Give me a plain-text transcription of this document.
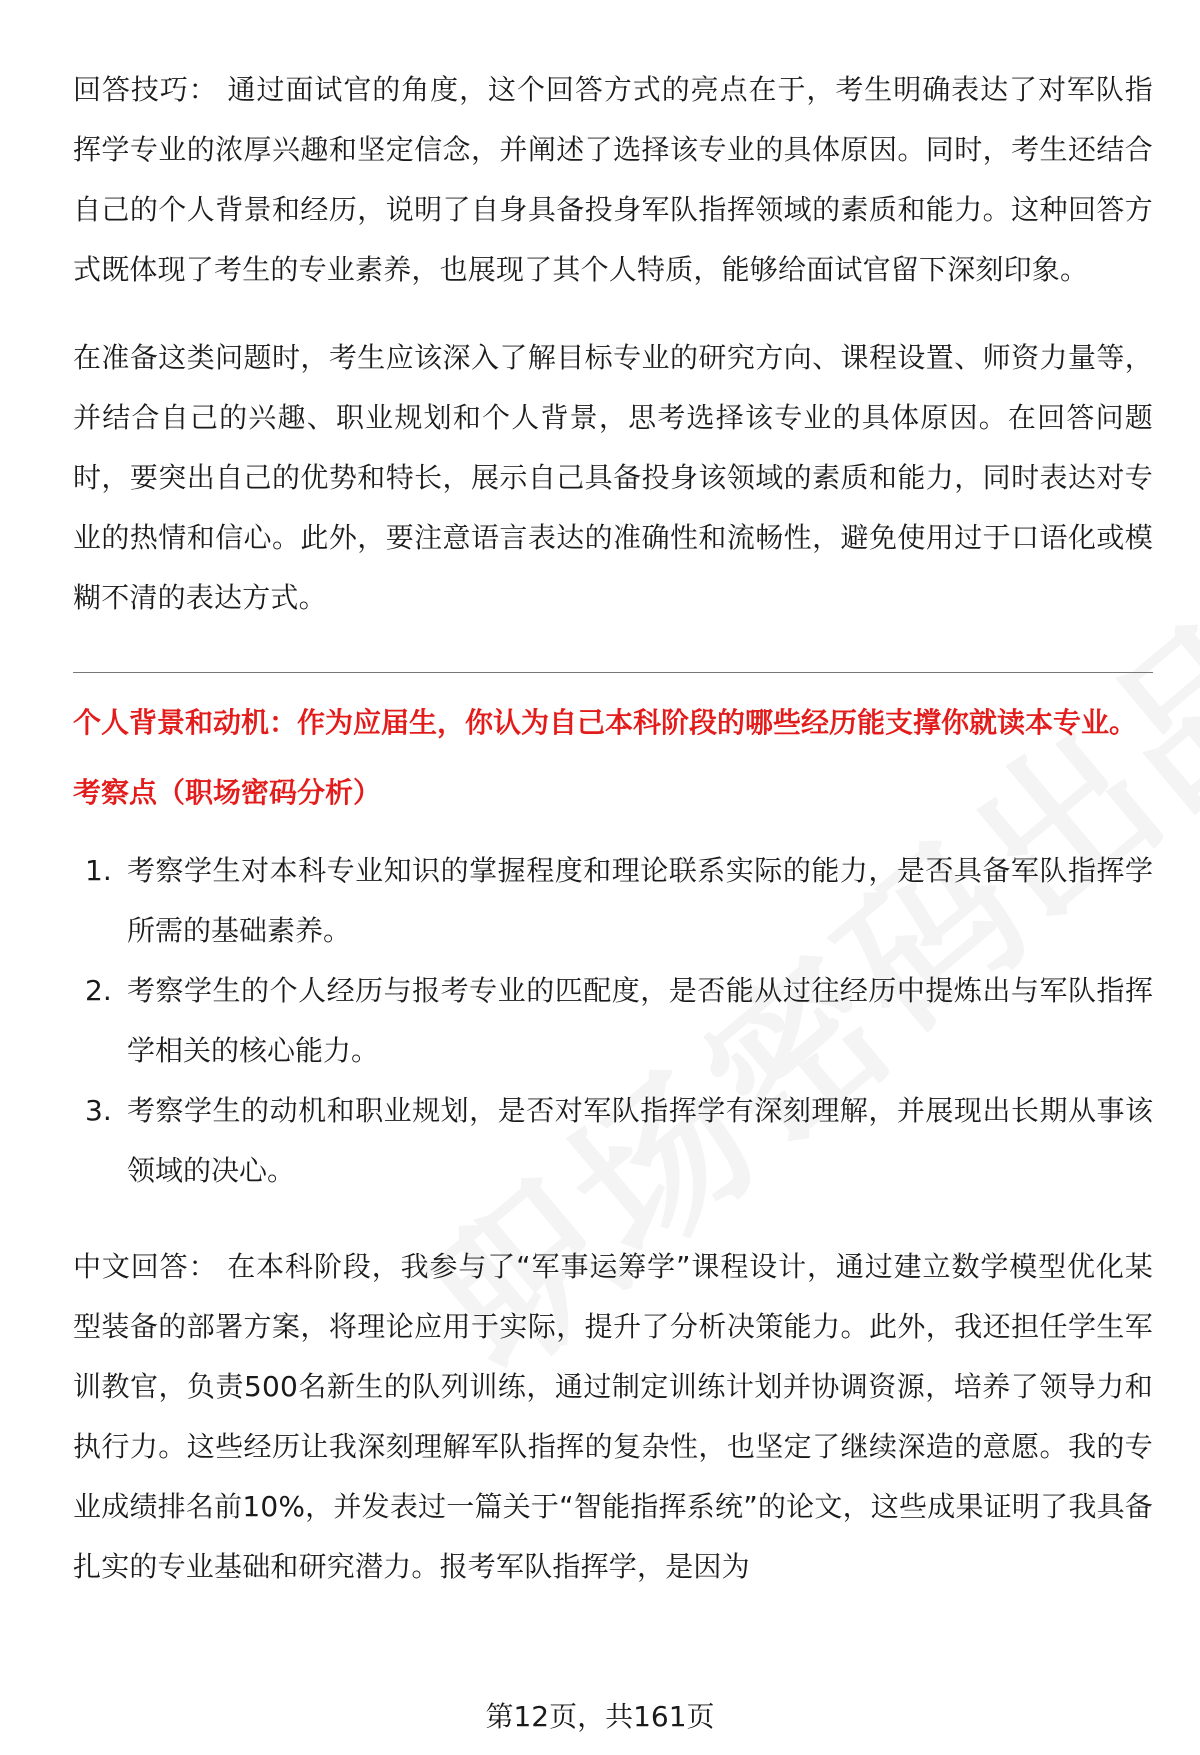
回答技巧： 通过面试官的角度，这个回答方式的亮点在于，考生明确表达了对军队指挥学专业的浓厚兴趣和坚定信念，并阐述了选择该专业的具体原因。同时，考生还结合自己的个人背景和经历，说明了自身具备投身军队指挥领域的素质和能力。这种回答方式既体现了考生的专业素养，也展现了其个人特质，能够给面试官留下深刻印象。

在准备这类问题时，考生应该深入了解目标专业的研究方向、课程设置、师资力量等，并结合自己的兴趣、职业规划和个人背景，思考选择该专业的具体原因。在回答问题时，要突出自己的优势和特长，展示自己具备投身该领域的素质和能力，同时表达对专业的热情和信心。此外，要注意语言表达的准确性和流畅性，避免使用过于口语化或模糊不清的表达方式。

个人背景和动机：作为应届生，你认为自己本科阶段的哪些经历能支撑你就读本专业。

考察点（职场密码分析）

1. 考察学生对本科专业知识的掌握程度和理论联系实际的能力，是否具备军队指挥学所需的基础素养。
2. 考察学生的个人经历与报考专业的匹配度，是否能从过往经历中提炼出与军队指挥学相关的核心能力。
3. 考察学生的动机和职业规划，是否对军队指挥学有深刻理解，并展现出长期从事该领域的决心。

中文回答： 在本科阶段，我参与了“军事运筹学”课程设计，通过建立数学模型优化某型装备的部署方案，将理论应用于实际，提升了分析决策能力。此外，我还担任学生军训教官，负责500名新生的队列训练，通过制定训练计划并协调资源，培养了领导力和执行力。这些经历让我深刻理解军队指挥的复杂性，也坚定了继续深造的意愿。我的专业成绩排名前10%，并发表过一篇关于“智能指挥系统”的论文，这些成果证明了我具备扎实的专业基础和研究潜力。报考军队指挥学，是因为

第12页，共161页
